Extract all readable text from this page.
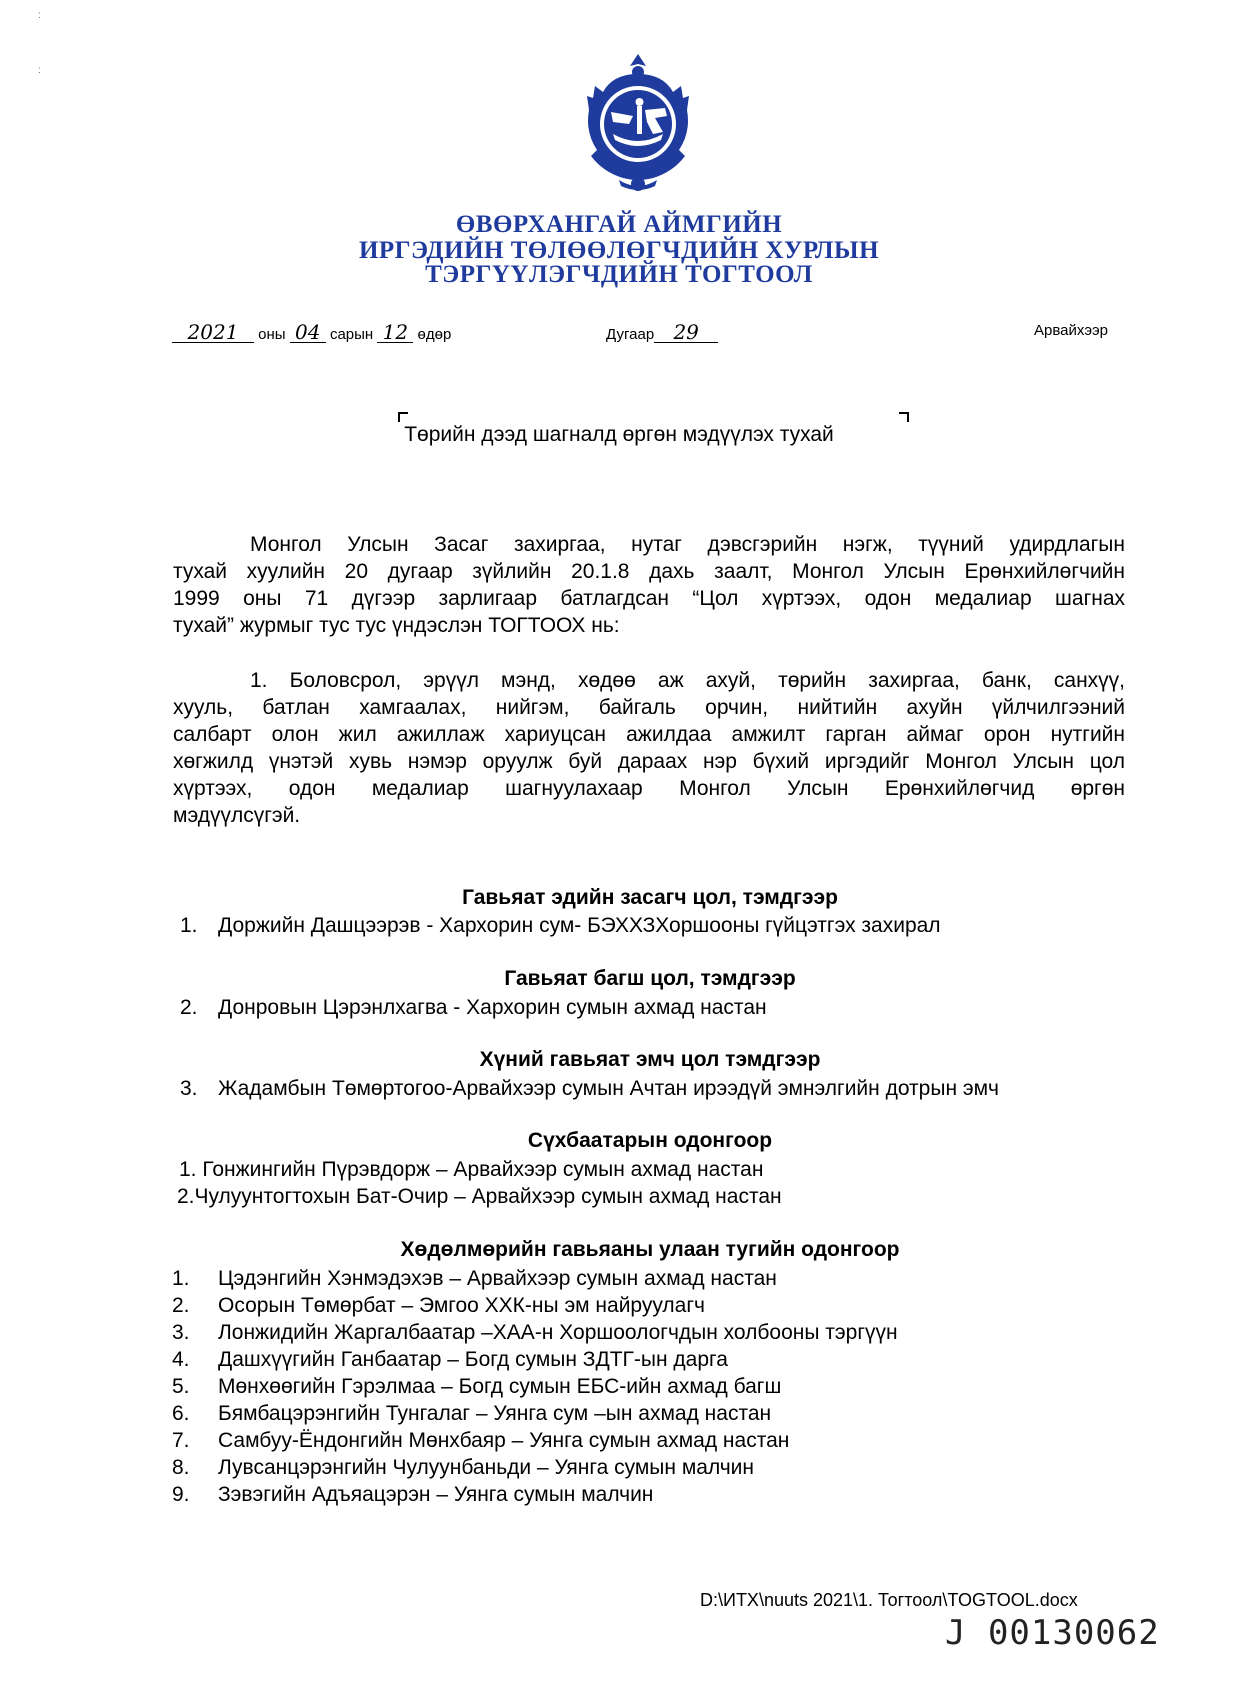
:

:
ӨВӨРХАНГАЙ АЙМГИЙН
ИРГЭДИЙН ТӨЛӨӨЛӨГЧДИЙН ХУРЛЫН
ТЭРГҮҮЛЭГЧДИЙН ТОГТООЛ
2021 оны 04 сарын 12 өдөр	Дугаар 29	Арвайхээр
Төрийн дээд шагналд өргөн мэдүүлэх тухай
Монгол Улсын Засаг захиргаа, нутаг дэвсгэрийн нэгж, түүний удирдлагын
тухай хуулийн 20 дугаар зүйлийн 20.1.8 дахь заалт, Монгол Улсын Ерөнхийлөгчийн
1999 оны 71 дүгээр зарлигаар батлагдсан “Цол хүртээх, одон медалиар шагнах
тухай” журмыг тус тус үндэслэн ТОГТООХ нь:
1. Боловсрол, эрүүл мэнд, хөдөө аж ахуй, төрийн захиргаа, банк, санхүү,
хууль, батлан хамгаалах, нийгэм, байгаль орчин, нийтийн ахуйн үйлчилгээний
салбарт олон жил ажиллаж хариуцсан ажилдаа амжилт гарган аймаг орон нутгийн
хөгжилд үнэтэй хувь нэмэр оруулж буй дараах нэр бүхий иргэдийг Монгол Улсын цол
хүртээх, одон медалиар шагнуулахаар Монгол Улсын Ерөнхийлөгчид өргөн
мэдүүлсүгэй.
Гавьяат эдийн засагч цол, тэмдгээр
1. Доржийн Дашцээрэв - Хархорин сум- БЭХХЗХоршооны гүйцэтгэх захирал
Гавьяат багш цол, тэмдгээр
2. Донровын Цэрэнлхагва - Хархорин сумын ахмад настан
Хүний гавьяат эмч цол тэмдгээр
3. Жадамбын Төмөртогоо-Арвайхээр сумын Ачтан ирээдүй эмнэлгийн дотрын эмч
Сүхбаатарын одонгоор
1. Гонжингийн Пүрэвдорж – Арвайхээр сумын ахмад настан
2.Чулуунтогтохын Бат-Очир – Арвайхээр сумын ахмад настан
Хөдөлмөрийн гавьяаны улаан тугийн одонгоор
1. Цэдэнгийн Хэнмэдэхэв – Арвайхээр сумын ахмад настан
2. Осорын Төмөрбат – Эмгоо ХХК-ны эм найруулагч
3. Лонжидийн Жаргалбаатар –ХАА-н Хоршоологчдын холбооны тэргүүн
4. Дашхүүгийн Ганбаатар – Богд сумын ЗДТГ-ын дарга
5. Мөнхөөгийн Гэрэлмаа – Богд сумын ЕБС-ийн ахмад багш
6. Бямбацэрэнгийн Тунгалаг – Уянга сум –ын ахмад настан
7. Самбуу-Ёндонгийн Мөнхбаяр – Уянга сумын ахмад настан
8. Лувсанцэрэнгийн Чулуунбаньди – Уянга сумын малчин
9. Зэвэгийн Адъяацэрэн – Уянга сумын малчин
D:\ИТХ\nuuts 2021\1. Тогтоол\TOGTOOL.docx
J 00130062
